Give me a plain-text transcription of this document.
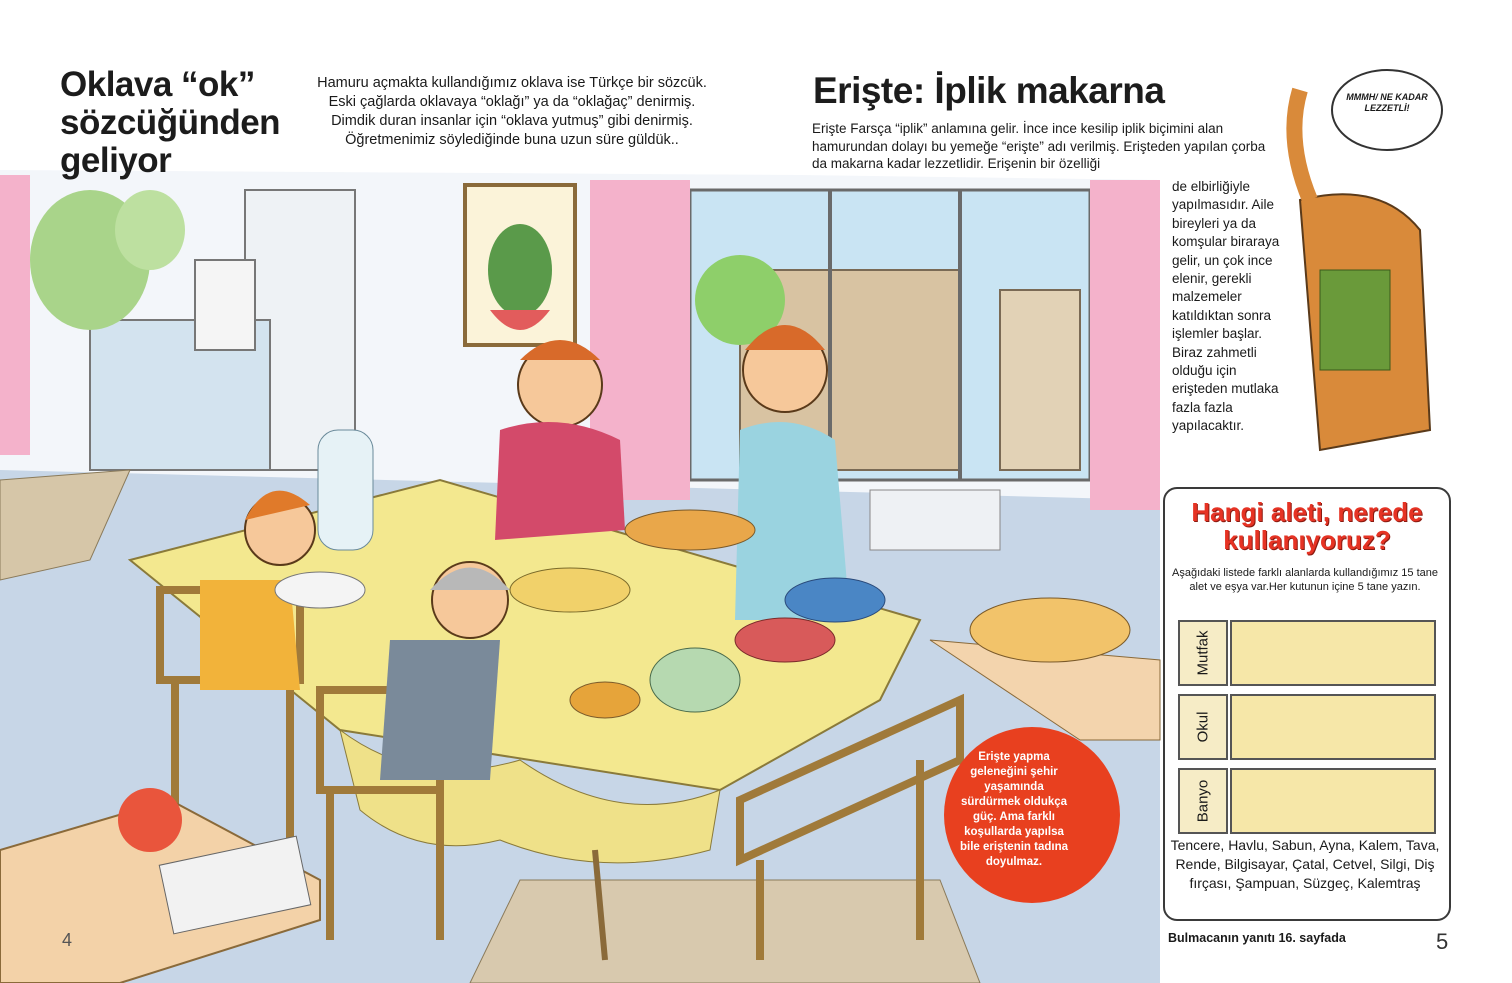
Oklava “ok” sözcüğünden geliyor
Hamuru açmakta kullandığımız oklava ise Türkçe bir sözcük. Eski çağlarda oklavaya “oklağı” ya da “oklağaç” denirmiş. Dimdik duran insanlar için “oklava yutmuş” gibi denirmiş. Öğretmenimiz söylediğinde buna uzun süre güldük..
4
Erişte: İplik makarna
Erişte Farsça “iplik” anlamına gelir. İnce ince kesilip iplik biçimini alan hamurundan dolayı bu yemeğe “erişte” adı verilmiş. Erişteden yapılan çorba da makarna kadar lezzetlidir. Erişenin bir özelliği
de elbirliğiyle yapılmasıdır. Aile bireyleri ya da komşular biraraya gelir, un çok ince elenir, gerekli malzemeler katıldıktan sonra işlemler başlar. Biraz zahmetli olduğu için erişteden mutlaka fazla fazla yapılacaktır.
MMMH/ NE KADAR LEZZETLİ!
Erişte yapma geleneğini şehir yaşamında sürdürmek oldukça güç. Ama farklı koşullarda yapılsa bile eriştenin tadına doyulmaz.
Hangi aleti, nerede kullanıyoruz?
Aşağıdaki listede farklı alanlarda kullandığımız 15 tane alet ve eşya var.Her kutunun içine 5 tane yazın.
Mutfak
Okul
Banyo
Tencere, Havlu, Sabun, Ayna, Kalem, Tava, Rende, Bilgisayar, Çatal, Cetvel, Silgi, Diş fırçası, Şampuan, Süzgeç, Kalemtraş
Bulmacanın yanıtı 16. sayfada	5
